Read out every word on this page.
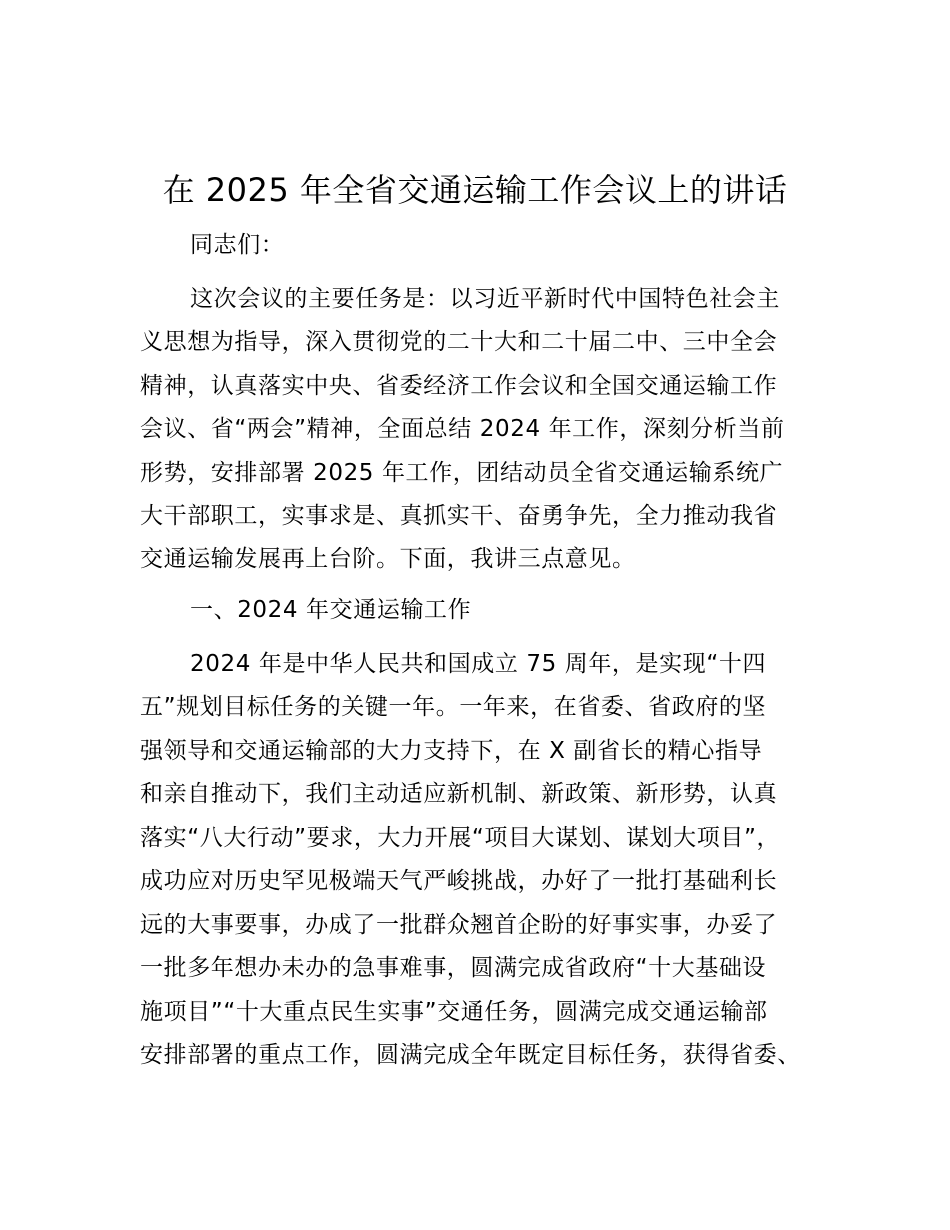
在 2025 年全省交通运输工作会议上的讲话

同志们：

这次会议的主要任务是：以习近平新时代中国特色社会主

义思想为指导，深入贯彻党的二十大和二十届二中、三中全会

精神，认真落实中央、省委经济工作会议和全国交通运输工作

会议、省“两会”精神，全面总结 2024 年工作，深刻分析当前

形势，安排部署 2025 年工作，团结动员全省交通运输系统广

大干部职工，实事求是、真抓实干、奋勇争先，全力推动我省

交通运输发展再上台阶。下面，我讲三点意见。

一、2024 年交通运输工作

2024 年是中华人民共和国成立 75 周年，是实现“十四

五”规划目标任务的关键一年。一年来，在省委、省政府的坚

强领导和交通运输部的大力支持下，在 X 副省长的精心指导

和亲自推动下，我们主动适应新机制、新政策、新形势，认真

落实“八大行动”要求，大力开展“项目大谋划、谋划大项目”，

成功应对历史罕见极端天气严峻挑战，办好了一批打基础利长

远的大事要事，办成了一批群众翘首企盼的好事实事，办妥了

一批多年想办未办的急事难事，圆满完成省政府“十大基础设

施项目”“十大重点民生实事”交通任务，圆满完成交通运输部

安排部署的重点工作，圆满完成全年既定目标任务，获得省委、
